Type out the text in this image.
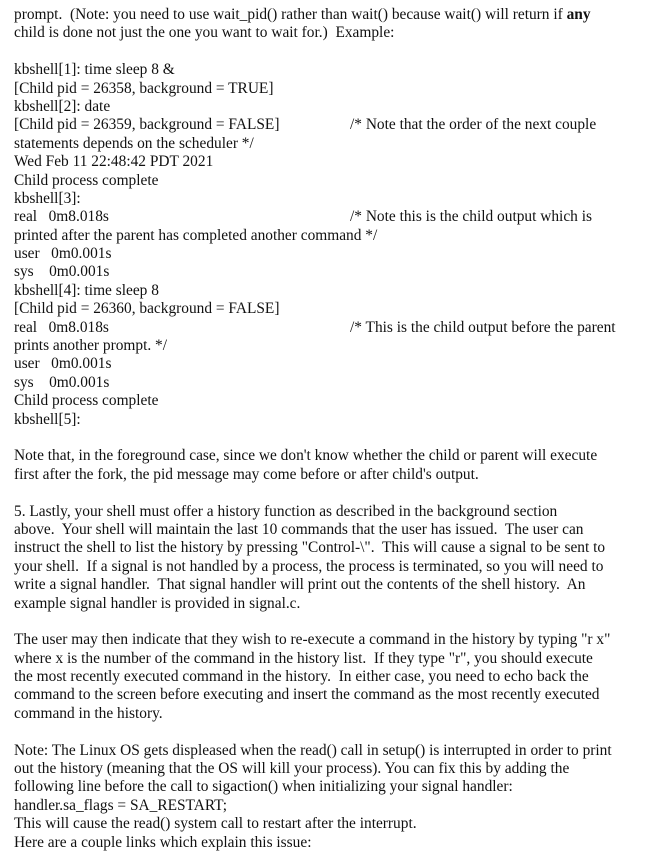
prompt.  (Note: you need to use wait_pid() rather than wait() because wait() will return if any
child is done not just the one you want to wait for.)  Example:
kbshell[1]: time sleep 8 &
[Child pid = 26358, background = TRUE]
kbshell[2]: date
[Child pid = 26359, background = FALSE]	/* Note that the order of the next couple
statements depends on the scheduler */
Wed Feb 11 22:48:42 PDT 2021
Child process complete
kbshell[3]:
real   0m8.018s	/* Note this is the child output which is
printed after the parent has completed another command */
user   0m0.001s
sys    0m0.001s
kbshell[4]: time sleep 8
[Child pid = 26360, background = FALSE]
real   0m8.018s	/* This is the child output before the parent
prints another prompt. */
user   0m0.001s
sys    0m0.001s
Child process complete
kbshell[5]:
Note that, in the foreground case, since we don't know whether the child or parent will execute
first after the fork, the pid message may come before or after child's output.
5. Lastly, your shell must offer a history function as described in the background section
above.  Your shell will maintain the last 10 commands that the user has issued.  The user can
instruct the shell to list the history by pressing "Control-\".  This will cause a signal to be sent to
your shell.  If a signal is not handled by a process, the process is terminated, so you will need to
write a signal handler.  That signal handler will print out the contents of the shell history.  An
example signal handler is provided in signal.c.
The user may then indicate that they wish to re-execute a command in the history by typing "r x"
where x is the number of the command in the history list.  If they type "r", you should execute
the most recently executed command in the history.  In either case, you need to echo back the
command to the screen before executing and insert the command as the most recently executed
command in the history.
Note: The Linux OS gets displeased when the read() call in setup() is interrupted in order to print
out the history (meaning that the OS will kill your process). You can fix this by adding the
following line before the call to sigaction() when initializing your signal handler:
handler.sa_flags = SA_RESTART;
This will cause the read() system call to restart after the interrupt.
Here are a couple links which explain this issue:
